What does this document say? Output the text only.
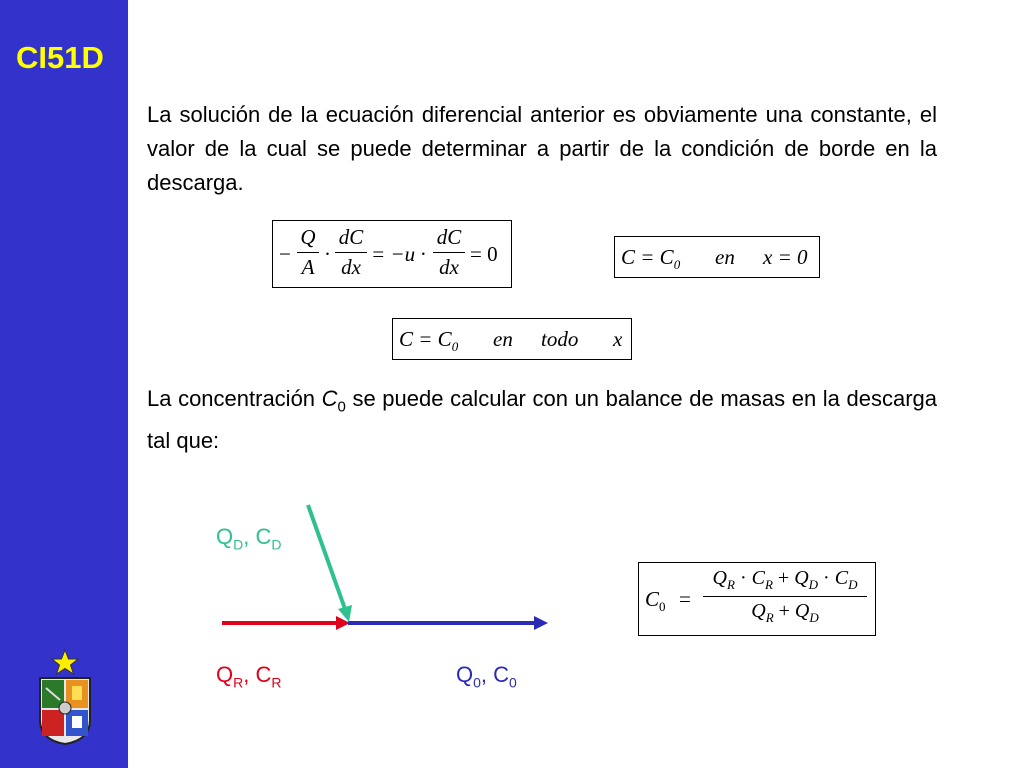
CI51D
La solución de la ecuación diferencial anterior es obviamente una constante, el valor de la cual se puede determinar a partir de la condición de borde en la descarga.
−
Q
A
·
dC
dx
= −u ·
dC
dx
= 0	$C = C_0$ en x = 0
$C = C_0$ en todo x
La concentración $C_0$ se puede calcular con un balance de masas en la descarga tal que:
$Q_D$, $C_D$
$Q_R$, $C_R$	$Q_0$, $C_0$
$C_0$ =
$Q_R \cdot C_R + Q_D \cdot C_D$
$Q_R + Q_D$
